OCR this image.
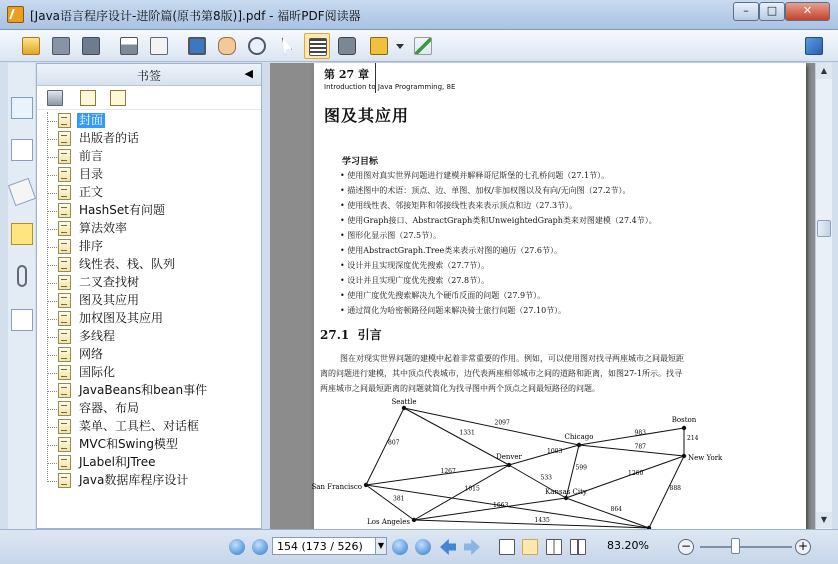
[Java语言程序设计-进阶篇(原书第8版)].pdf - 福昕PDF阅读器	–	□	✕
书签	◀
封面
出版者的话
前言
目录
正文
HashSet有问题
算法效率
排序
线性表、栈、队列
二叉查找树
图及其应用
加权图及其应用
多线程
网络
国际化
JavaBeans和bean事件
容器、布局
菜单、工具栏、对话框
MVC和Swing模型
JLabel和JTree
Java数据库程序设计
第 27 章
Introduction to Java Programming, 8E
图及其应用
学习目标
• 使用图对真实世界问题进行建模并解释哥尼斯堡的七孔桥问题（27.1节）。
• 描述图中的术语：顶点、边、单图、加权/非加权图以及有向/无向图（27.2节）。
• 使用线性表、邻接矩阵和邻接线性表来表示顶点和边（27.3节）。
• 使用Graph接口、AbstractGraph类和UnweightedGraph类来对图建模（27.4节）。
• 图形化显示图（27.5节）。
• 使用AbstractGraph.Tree类来表示对图的遍历（27.6节）。
• 设计并且实现深度优先搜索（27.7节）。
• 设计并且实现广度优先搜索（27.8节）。
• 使用广度优先搜索解决九个硬币反面的问题（27.9节）。
• 通过简化为哈密顿路径问题来解决骑士旅行问题（27.10节）。
27.1  引言
图在对现实世界问题的建模中起着非常重要的作用。例如，可以使用图对找寻两座城市之间最短距
离的问题进行建模，其中顶点代表城市，边代表两座相邻城市之间的道路和距离，如图27-1所示。找寻
两座城市之间最短距离的问题就简化为找寻图中两个顶点之间最短路径的问题。
807
1331
2097
1267
381
1015
1663
1435
1003
533
599
983
787
214
1260
888
864
Seattle
San Francisco
Los Angeles
Denver
Kansas City
Chicago
Boston
New York
▲
▼
154 (173 / 526)	▼	83.20%	−	+
